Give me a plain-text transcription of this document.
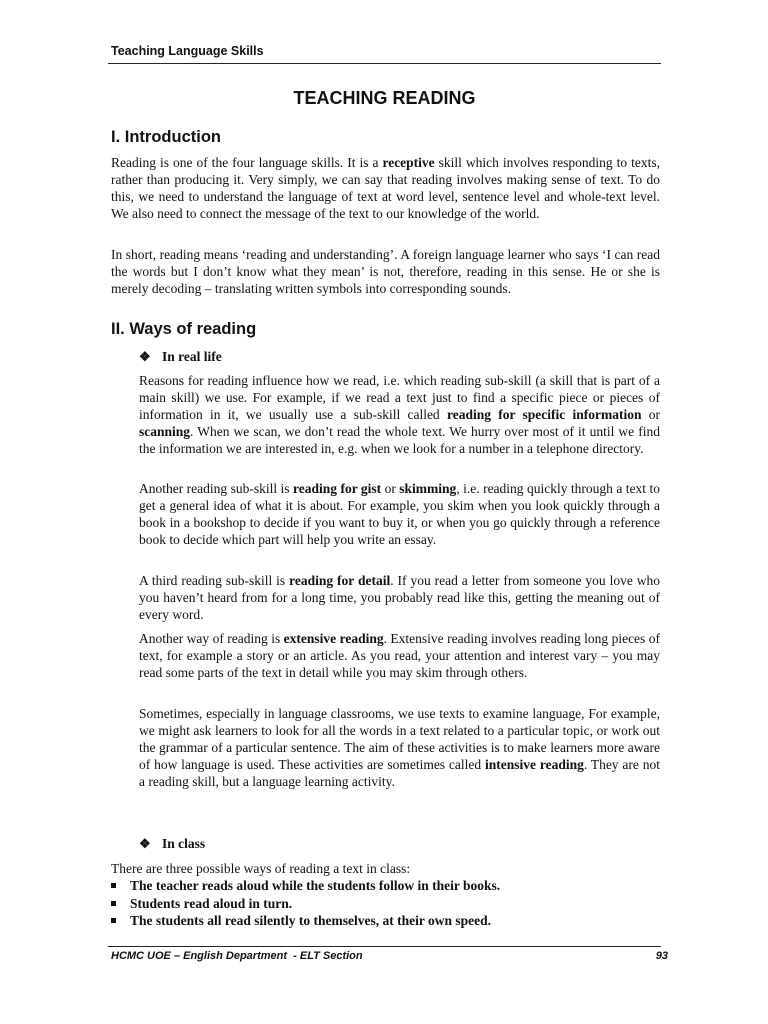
Teaching Language Skills
TEACHING READING
I. Introduction
Reading is one of the four language skills. It is a receptive skill which involves responding to texts, rather than producing it. Very simply, we can say that reading involves making sense of text. To do this, we need to understand the language of text at word level, sentence level and whole-text level. We also need to connect the message of the text to our knowledge of the world.
In short, reading means ‘reading and understanding’. A foreign language learner who says ‘I can read the words but I don’t know what they mean’ is not, therefore, reading in this sense. He or she is merely decoding – translating written symbols into corresponding sounds.
II. Ways of reading
❖ In real life
Reasons for reading influence how we read, i.e. which reading sub-skill (a skill that is part of a main skill) we use. For example, if we read a text just to find a specific piece or pieces of information in it, we usually use a sub-skill called reading for specific information or scanning. When we scan, we don’t read the whole text. We hurry over most of it until we find the information we are interested in, e.g. when we look for a number in a telephone directory.
Another reading sub-skill is reading for gist or skimming, i.e. reading quickly through a text to get a general idea of what it is about. For example, you skim when you look quickly through a book in a bookshop to decide if you want to buy it, or when you go quickly through a reference book to decide which part will help you write an essay.
A third reading sub-skill is reading for detail. If you read a letter from someone you love who you haven’t heard from for a long time, you probably read like this, getting the meaning out of every word.
Another way of reading is extensive reading. Extensive reading involves reading long pieces of text, for example a story or an article. As you read, your attention and interest vary – you may read some parts of the text in detail while you may skim through others.
Sometimes, especially in language classrooms, we use texts to examine language, For example, we might ask learners to look for all the words in a text related to a particular topic, or work out the grammar of a particular sentence. The aim of these activities is to make learners more aware of how language is used. These activities are sometimes called intensive reading. They are not a reading skill, but a language learning activity.
❖ In class
There are three possible ways of reading a text in class:
The teacher reads aloud while the students follow in their books.
Students read aloud in turn.
The students all read silently to themselves, at their own speed.
HCMC UOE – English Department  - ELT Section	93
